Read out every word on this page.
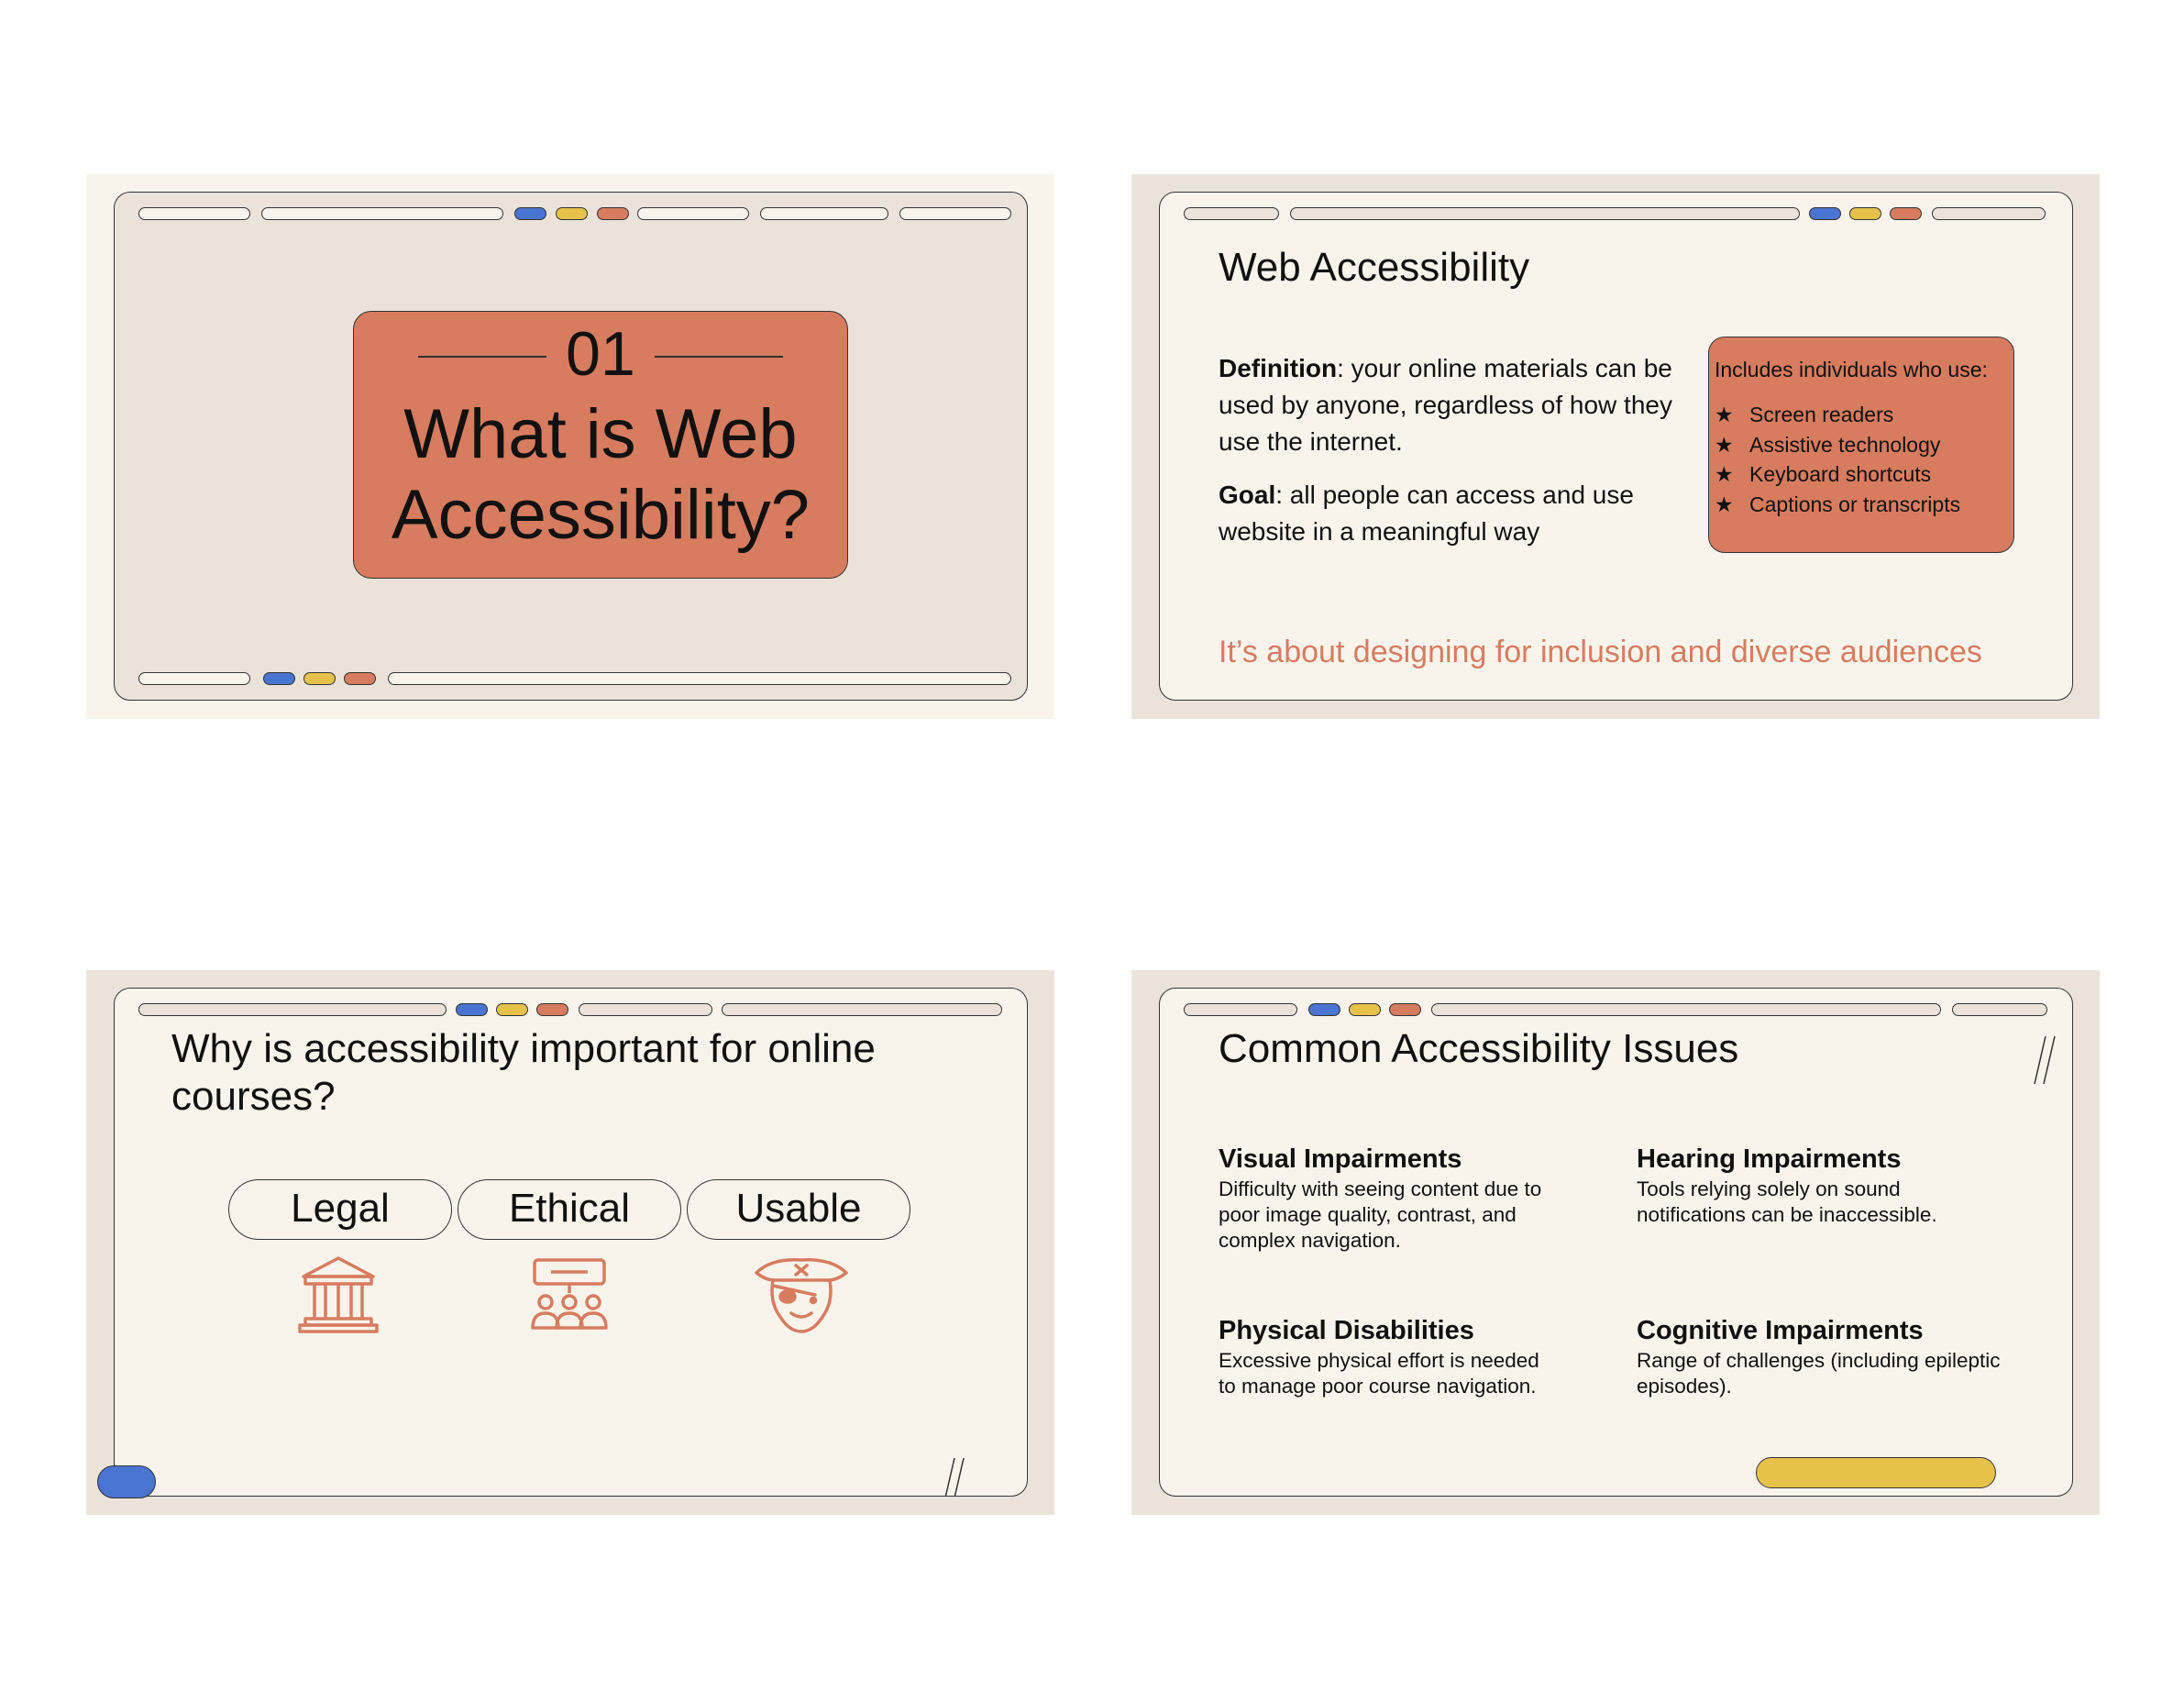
01
What is Web Accessibility?
Web Accessibility
Definition: your online materials can be used by anyone, regardless of how they use the internet.
Goal: all people can access and use website in a meaningful way
Includes individuals who use:
★ Screen readers
★ Assistive technology
★ Keyboard shortcuts
★ Captions or transcripts
It’s about designing for inclusion and diverse audiences
Why is accessibility important for online courses?
Legal	Ethical	Usable
Common Accessibility Issues
Visual Impairments
Difficulty with seeing content due to poor image quality, contrast, and complex navigation.
Hearing Impairments
Tools relying solely on sound notifications can be inaccessible.
Physical Disabilities
Excessive physical effort is needed to manage poor course navigation.
Cognitive Impairments
Range of challenges (including epileptic episodes).
